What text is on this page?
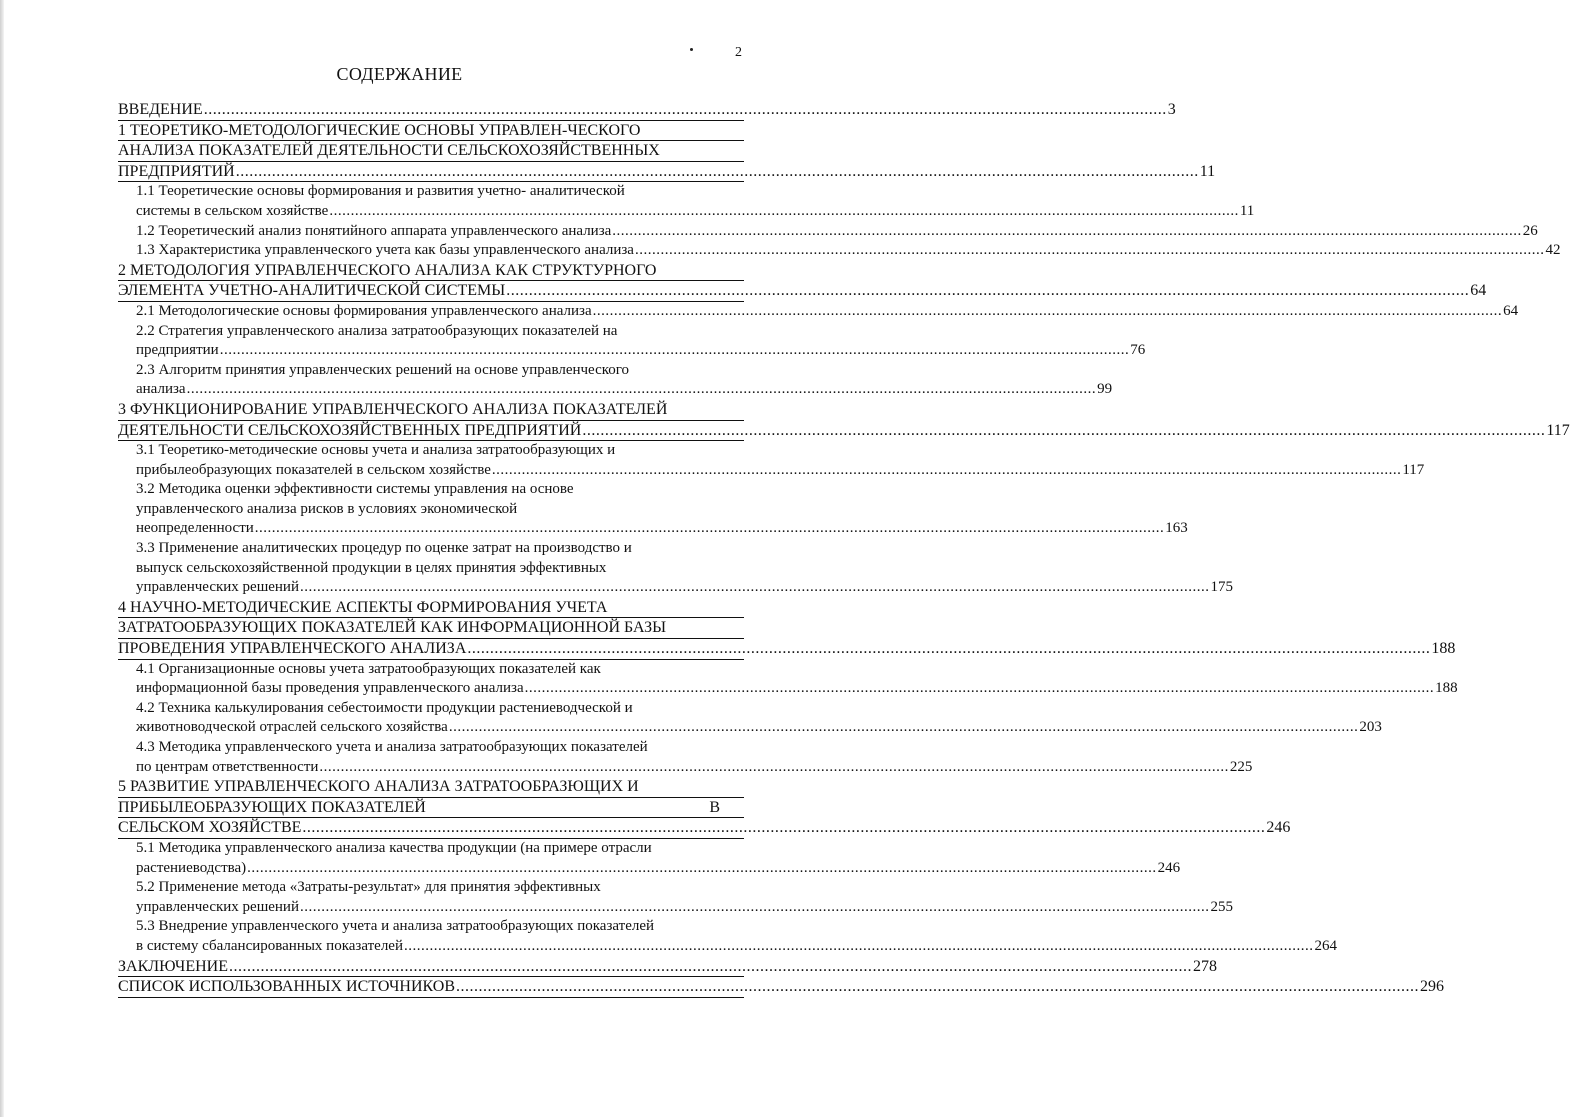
2
СОДЕРЖАНИЕ
ВВЕДЕНИЕ .....	3
1 ТЕОРЕТИКО-МЕТОДОЛОГИЧЕСКИЕ ОСНОВЫ УПРАВЛЕН-ЧЕСКОГО
АНАЛИЗА ПОКАЗАТЕЛЕЙ ДЕЯТЕЛЬНОСТИ СЕЛЬСКОХОЗЯЙСТВЕННЫХ
ПРЕДПРИЯТИЙ .....	11
1.1 Теоретические основы формирования и развития учетно- аналитической
системы в сельском хозяйстве .....	11
1.2 Теоретический анализ понятийного аппарата управленческого анализа .....	26
1.3 Характеристика управленческого учета как базы управленческого анализа .....	42
2 МЕТОДОЛОГИЯ УПРАВЛЕНЧЕСКОГО АНАЛИЗА КАК СТРУКТУРНОГО
ЭЛЕМЕНТА УЧЕТНО-АНАЛИТИЧЕСКОЙ СИСТЕМЫ .....	64
2.1 Методологические основы формирования управленческого анализа .....	64
2.2 Стратегия управленческого анализа затратообразующих показателей на
предприятии .....	76
2.3 Алгоритм принятия управленческих решений на основе управленческого
анализа .....	99
3 ФУНКЦИОНИРОВАНИЕ УПРАВЛЕНЧЕСКОГО АНАЛИЗА ПОКАЗАТЕЛЕЙ
ДЕЯТЕЛЬНОСТИ СЕЛЬСКОХОЗЯЙСТВЕННЫХ ПРЕДПРИЯТИЙ .....	117
3.1 Теоретико-методические основы учета и анализа затратообразующих и
прибылеобразующих показателей в сельском хозяйстве .....	117
3.2 Методика оценки эффективности системы управления на основе
управленческого анализа рисков в условиях экономической
неопределенности .....	163
3.3 Применение аналитических процедур по оценке затрат на производство и
выпуск сельскохозяйственной продукции в целях принятия эффективных
управленческих решений .....	175
4 НАУЧНО-МЕТОДИЧЕСКИЕ АСПЕКТЫ ФОРМИРОВАНИЯ УЧЕТА
ЗАТРАТООБРАЗУЮЩИХ ПОКАЗАТЕЛЕЙ КАК ИНФОРМАЦИОННОЙ БАЗЫ
ПРОВЕДЕНИЯ УПРАВЛЕНЧЕСКОГО АНАЛИЗА .....	188
4.1 Организационные основы учета затратообразующих показателей как
информационной базы проведения управленческого анализа .....	188
4.2 Техника калькулирования себестоимости продукции растениеводческой и
животноводческой отраслей сельского хозяйства .....	203
4.3 Методика управленческого учета и анализа затратообразующих показателей
по центрам ответственности .....	225
5 РАЗВИТИЕ УПРАВЛЕНЧЕСКОГО АНАЛИЗА ЗАТРАТООБРАЗЮЩИХ И
ПРИБЫЛЕОБРАЗУЮЩИХ ПОКАЗАТЕЛЕЙ	В
СЕЛЬСКОМ ХОЗЯЙСТВЕ .....	246
5.1 Методика управленческого анализа качества продукции (на примере отрасли
растениеводства) .....	246
5.2 Применение метода «Затраты-результат» для принятия эффективных
управленческих решений .....	255
5.3 Внедрение управленческого учета и анализа затратообразующих показателей
в систему сбалансированных показателей .....	264
ЗАКЛЮЧЕНИЕ .....	278
СПИСОК ИСПОЛЬЗОВАННЫХ ИСТОЧНИКОВ .....	296
